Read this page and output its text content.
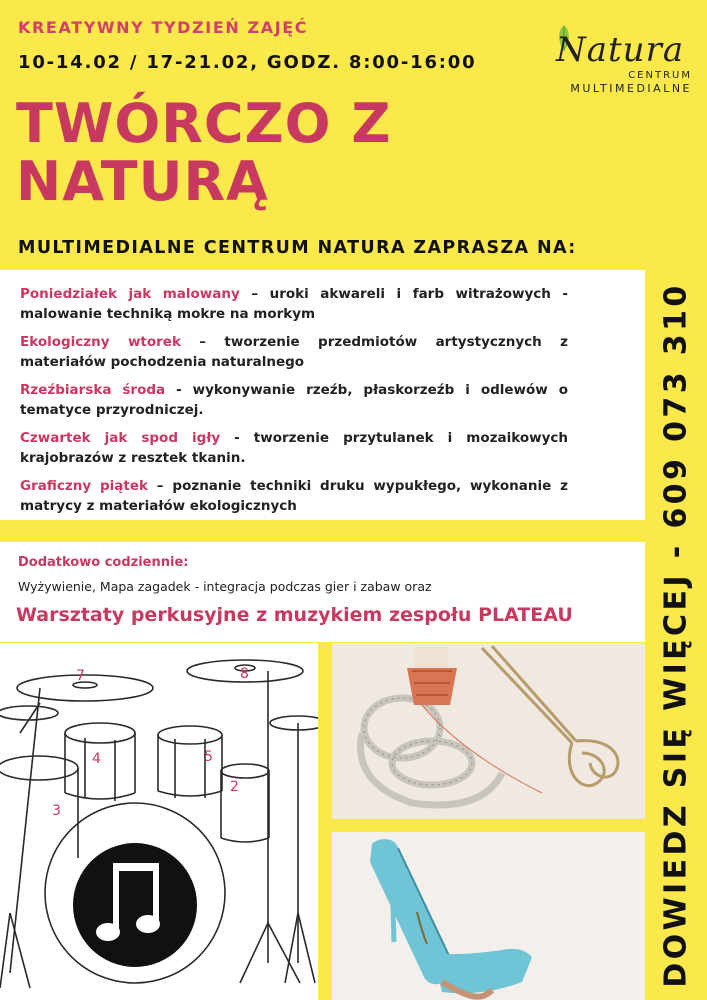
KREATYWNY TYDZIEŃ ZAJĘĆ
10-14.02 / 17-21.02, GODZ. 8:00-16:00
TWÓRCZO Z
NATURĄ
Natura
CENTRUM
MULTIMEDIALNE
MULTIMEDIALNE CENTRUM NATURA ZAPRASZA NA:
Poniedziałek jak malowany – uroki akwareli i farb witrażowych - malowanie techniką mokre na morkym
Ekologiczny wtorek – tworzenie przedmiotów artystycznych z materiałów pochodzenia naturalnego
Rzeźbiarska środa - wykonywanie rzeźb, płaskorzeźb i odlewów o tematyce przyrodniczej.
Czwartek jak spod igły - tworzenie przytulanek i mozaikowych krajobrazów z resztek tkanin.
Graficzny piątek – poznanie techniki druku wypukłego, wykonanie z matrycy z materiałów ekologicznych
Dodatkowo codziennie:
Wyżywienie, Mapa zagadek - integracja podczas gier i zabaw oraz
Warsztaty perkusyjne z muzykiem zespołu PLATEAU
7	8
4	5
2
3	DOWIEDZ SIĘ WIĘCEJ - 609 073 310
